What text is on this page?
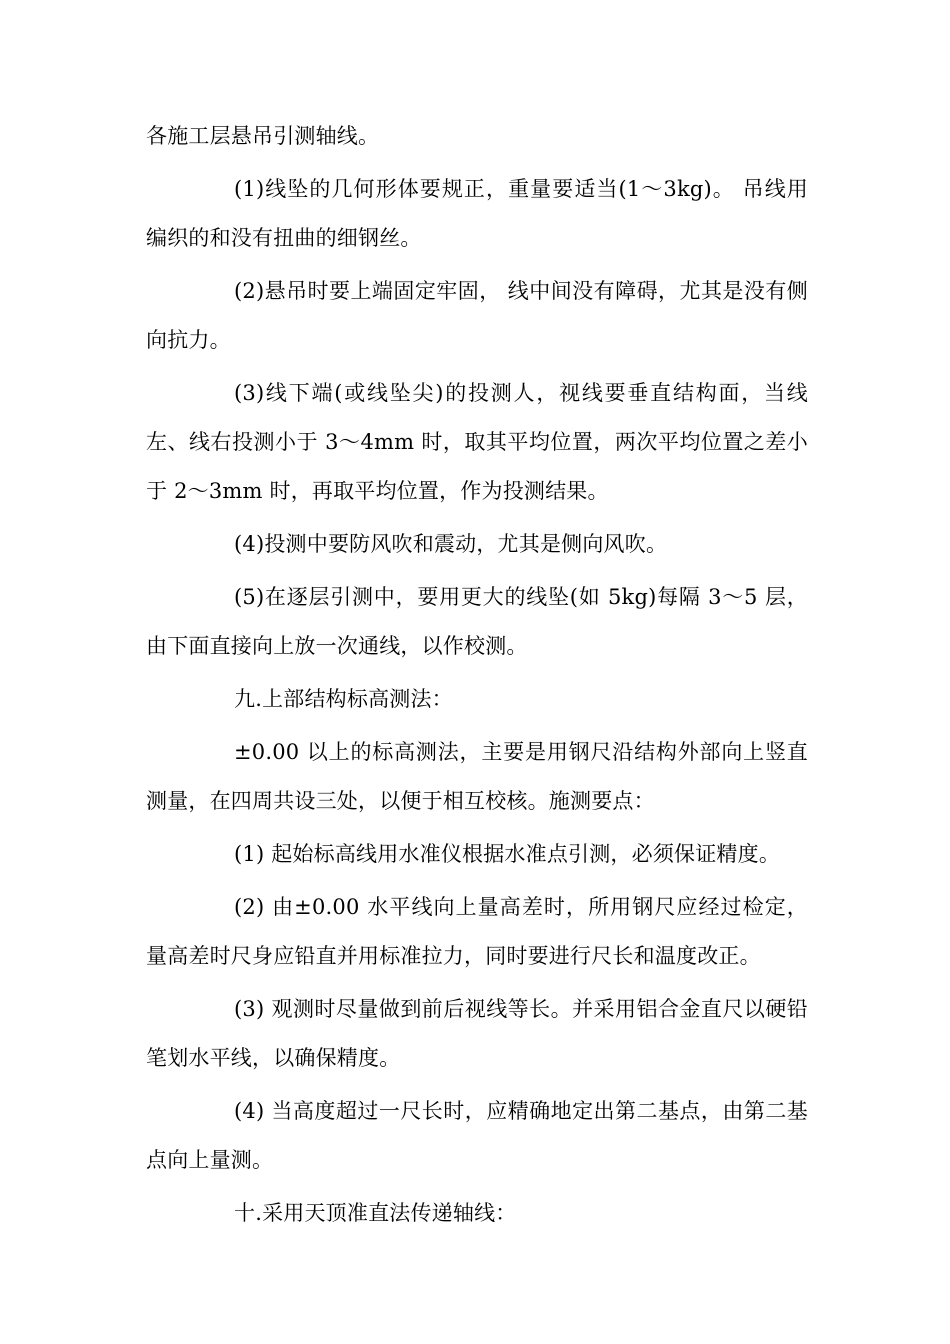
各施工层悬吊引测轴线。

(1)线坠的几何形体要规正，重量要适当(1～3kg)。 吊线用编织的和没有扭曲的细钢丝。

(2)悬吊时要上端固定牢固， 线中间没有障碍，尤其是没有侧向抗力。

(3)线下端(或线坠尖)的投测人，视线要垂直结构面，当线左、线右投测小于 3～4mm 时，取其平均位置，两次平均位置之差小于 2～3mm 时，再取平均位置，作为投测结果。

(4)投测中要防风吹和震动，尤其是侧向风吹。

(5)在逐层引测中，要用更大的线坠(如 5kg)每隔 3～5 层，由下面直接向上放一次通线，以作校测。

九.上部结构标高测法：

±0.00 以上的标高测法，主要是用钢尺沿结构外部向上竖直测量，在四周共设三处，以便于相互校核。施测要点：

(1) 起始标高线用水准仪根据水准点引测，必须保证精度。

(2) 由±0.00 水平线向上量高差时，所用钢尺应经过检定，量高差时尺身应铅直并用标准拉力，同时要进行尺长和温度改正。

(3) 观测时尽量做到前后视线等长。并采用铝合金直尺以硬铅笔划水平线，以确保精度。

(4) 当高度超过一尺长时，应精确地定出第二基点，由第二基点向上量测。

十.采用天顶准直法传递轴线：
